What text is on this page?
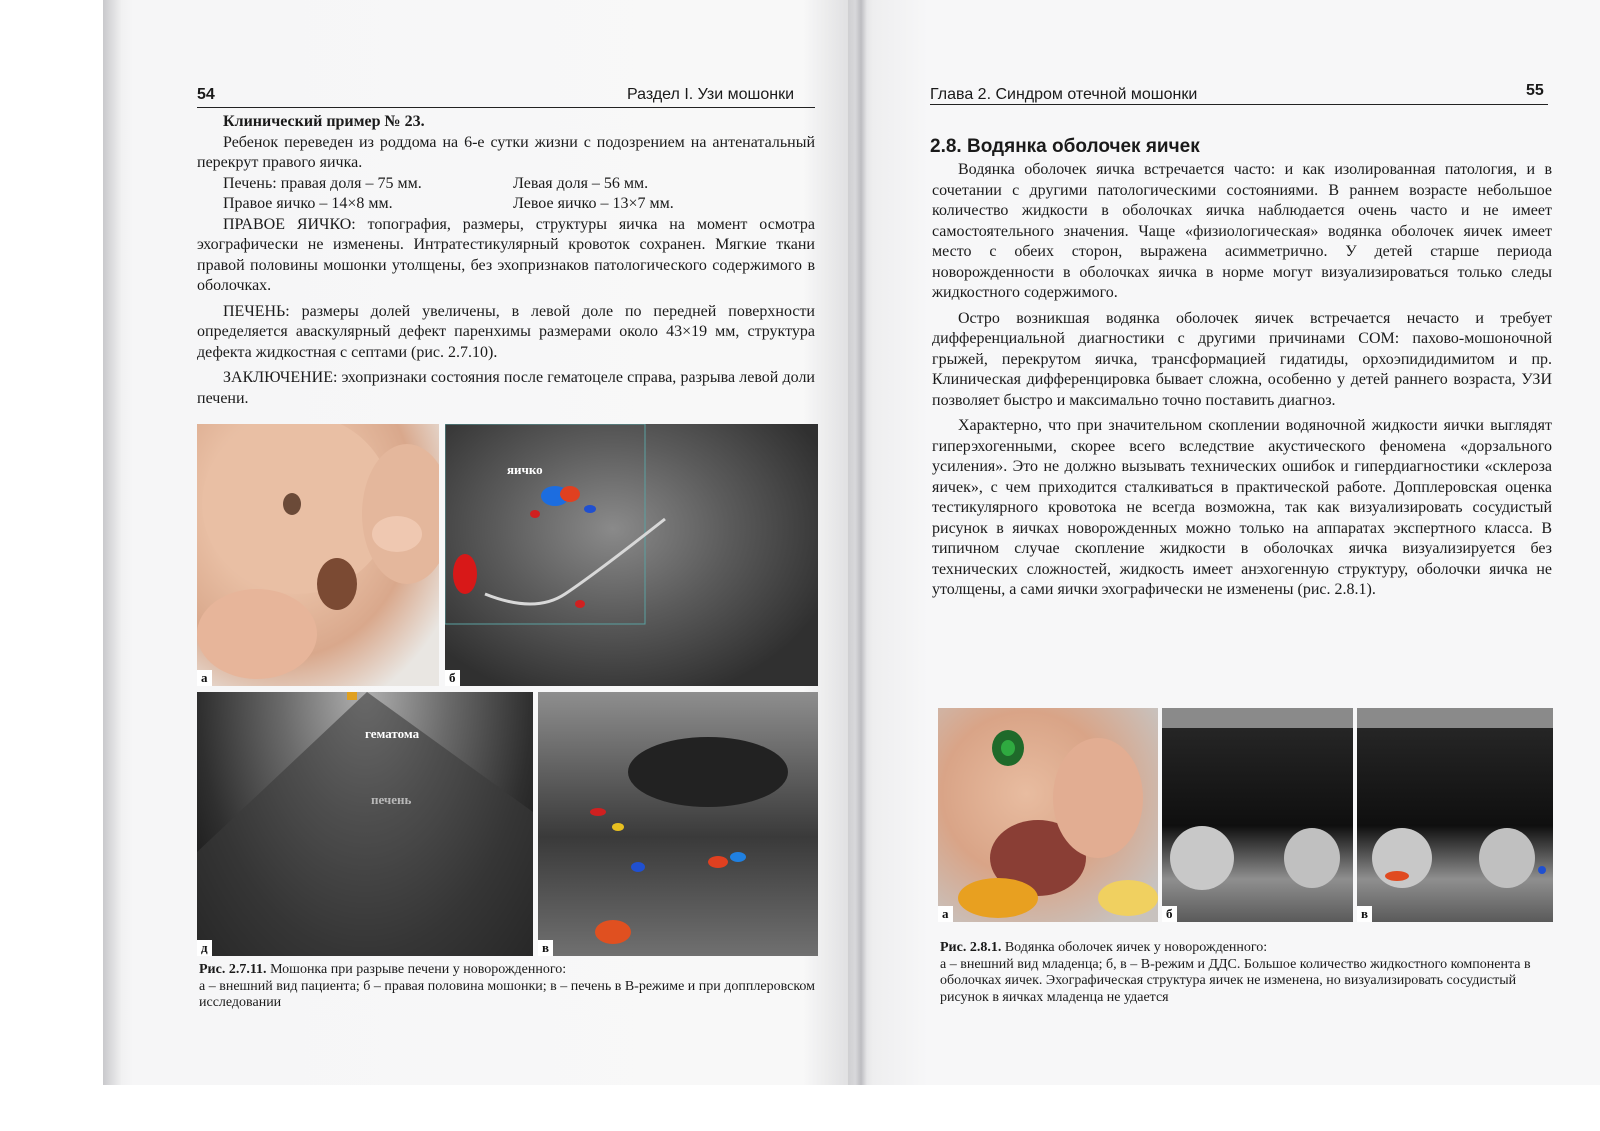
54	Раздел I. Узи мошонки

Клинический пример № 23.

Ребенок переведен из роддома на 6-е сутки жизни с подозрением на антенатальный перекрут правого яичка.

Печень: правая доля – 75 мм.	Левая доля – 56 мм.
Правое яичко – 14×8 мм.	Левое яичко – 13×7 мм.

ПРАВОЕ ЯИЧКО: топография, размеры, структуры яичка на момент осмотра эхографически не изменены. Интратестикулярный кровоток сохранен. Мягкие ткани правой половины мошонки утолщены, без эхопризнаков патологического содержимого в оболочках.

ПЕЧЕНЬ: размеры долей увеличены, в левой доле по передней поверхности определяется аваскулярный дефект паренхимы размерами около 43×19 мм, структура дефекта жидкостная с септами (рис. 2.7.10).

ЗАКЛЮЧЕНИЕ: эхопризнаки состояния после гематоцеле справа, разрыва левой доли печени.

а
яичко
б
гематома
печень
д	в
Рис. 2.7.11. Мошонка при разрыве печени у новорожденного:
а – внешний вид пациента; б – правая половина мошонки; в – печень в В-режиме и при допплеровском исследовании
Глава 2. Синдром отечной мошонки	55
2.8. Водянка оболочек яичек

Водянка оболочек яичка встречается часто: и как изолированная патология, и в сочетании с другими патологическими состояниями. В раннем возрасте небольшое количество жидкости в оболочках яичка наблюдается очень часто и не имеет самостоятельного значения. Чаще «физиологическая» водянка оболочек яичек имеет место с обеих сторон, выражена асимметрично. У детей старше периода новорожденности в оболочках яичка в норме могут визуализироваться только следы жидкостного содержимого.

Остро возникшая водянка оболочек яичек встречается нечасто и требует дифференциальной диагностики с другими причинами СОМ: пахово-мошоночной грыжей, перекрутом яичка, трансформацией гидатиды, орхоэпидидимитом и пр. Клиническая дифференцировка бывает сложна, особенно у детей раннего возраста, УЗИ позволяет быстро и максимально точно поставить диагноз.

Характерно, что при значительном скоплении водяночной жидкости яички выглядят гиперэхогенными, скорее всего вследствие акустического феномена «дорзального усиления». Это не должно вызывать технических ошибок и гипердиагностики «склероза яичек», с чем приходится сталкиваться в практической работе. Допплеровская оценка тестикулярного кровотока не всегда возможна, так как визуализировать сосудистый рисунок в яичках новорожденных можно только на аппаратах экспертного класса. В типичном случае скопление жидкости в оболочках яичка визуализируется без технических сложностей, жидкость имеет анэхогенную структуру, оболочки яичка не утолщены, а сами яички эхографически не изменены (рис. 2.8.1).

а	б	в
Рис. 2.8.1. Водянка оболочек яичек у новорожденного:
а – внешний вид младенца; б, в – В-режим и ДДС. Большое количество жидкостного компонента в оболочках яичек. Эхографическая структура яичек не изменена, но визуализировать сосудистый рисунок в яичках младенца не удается
